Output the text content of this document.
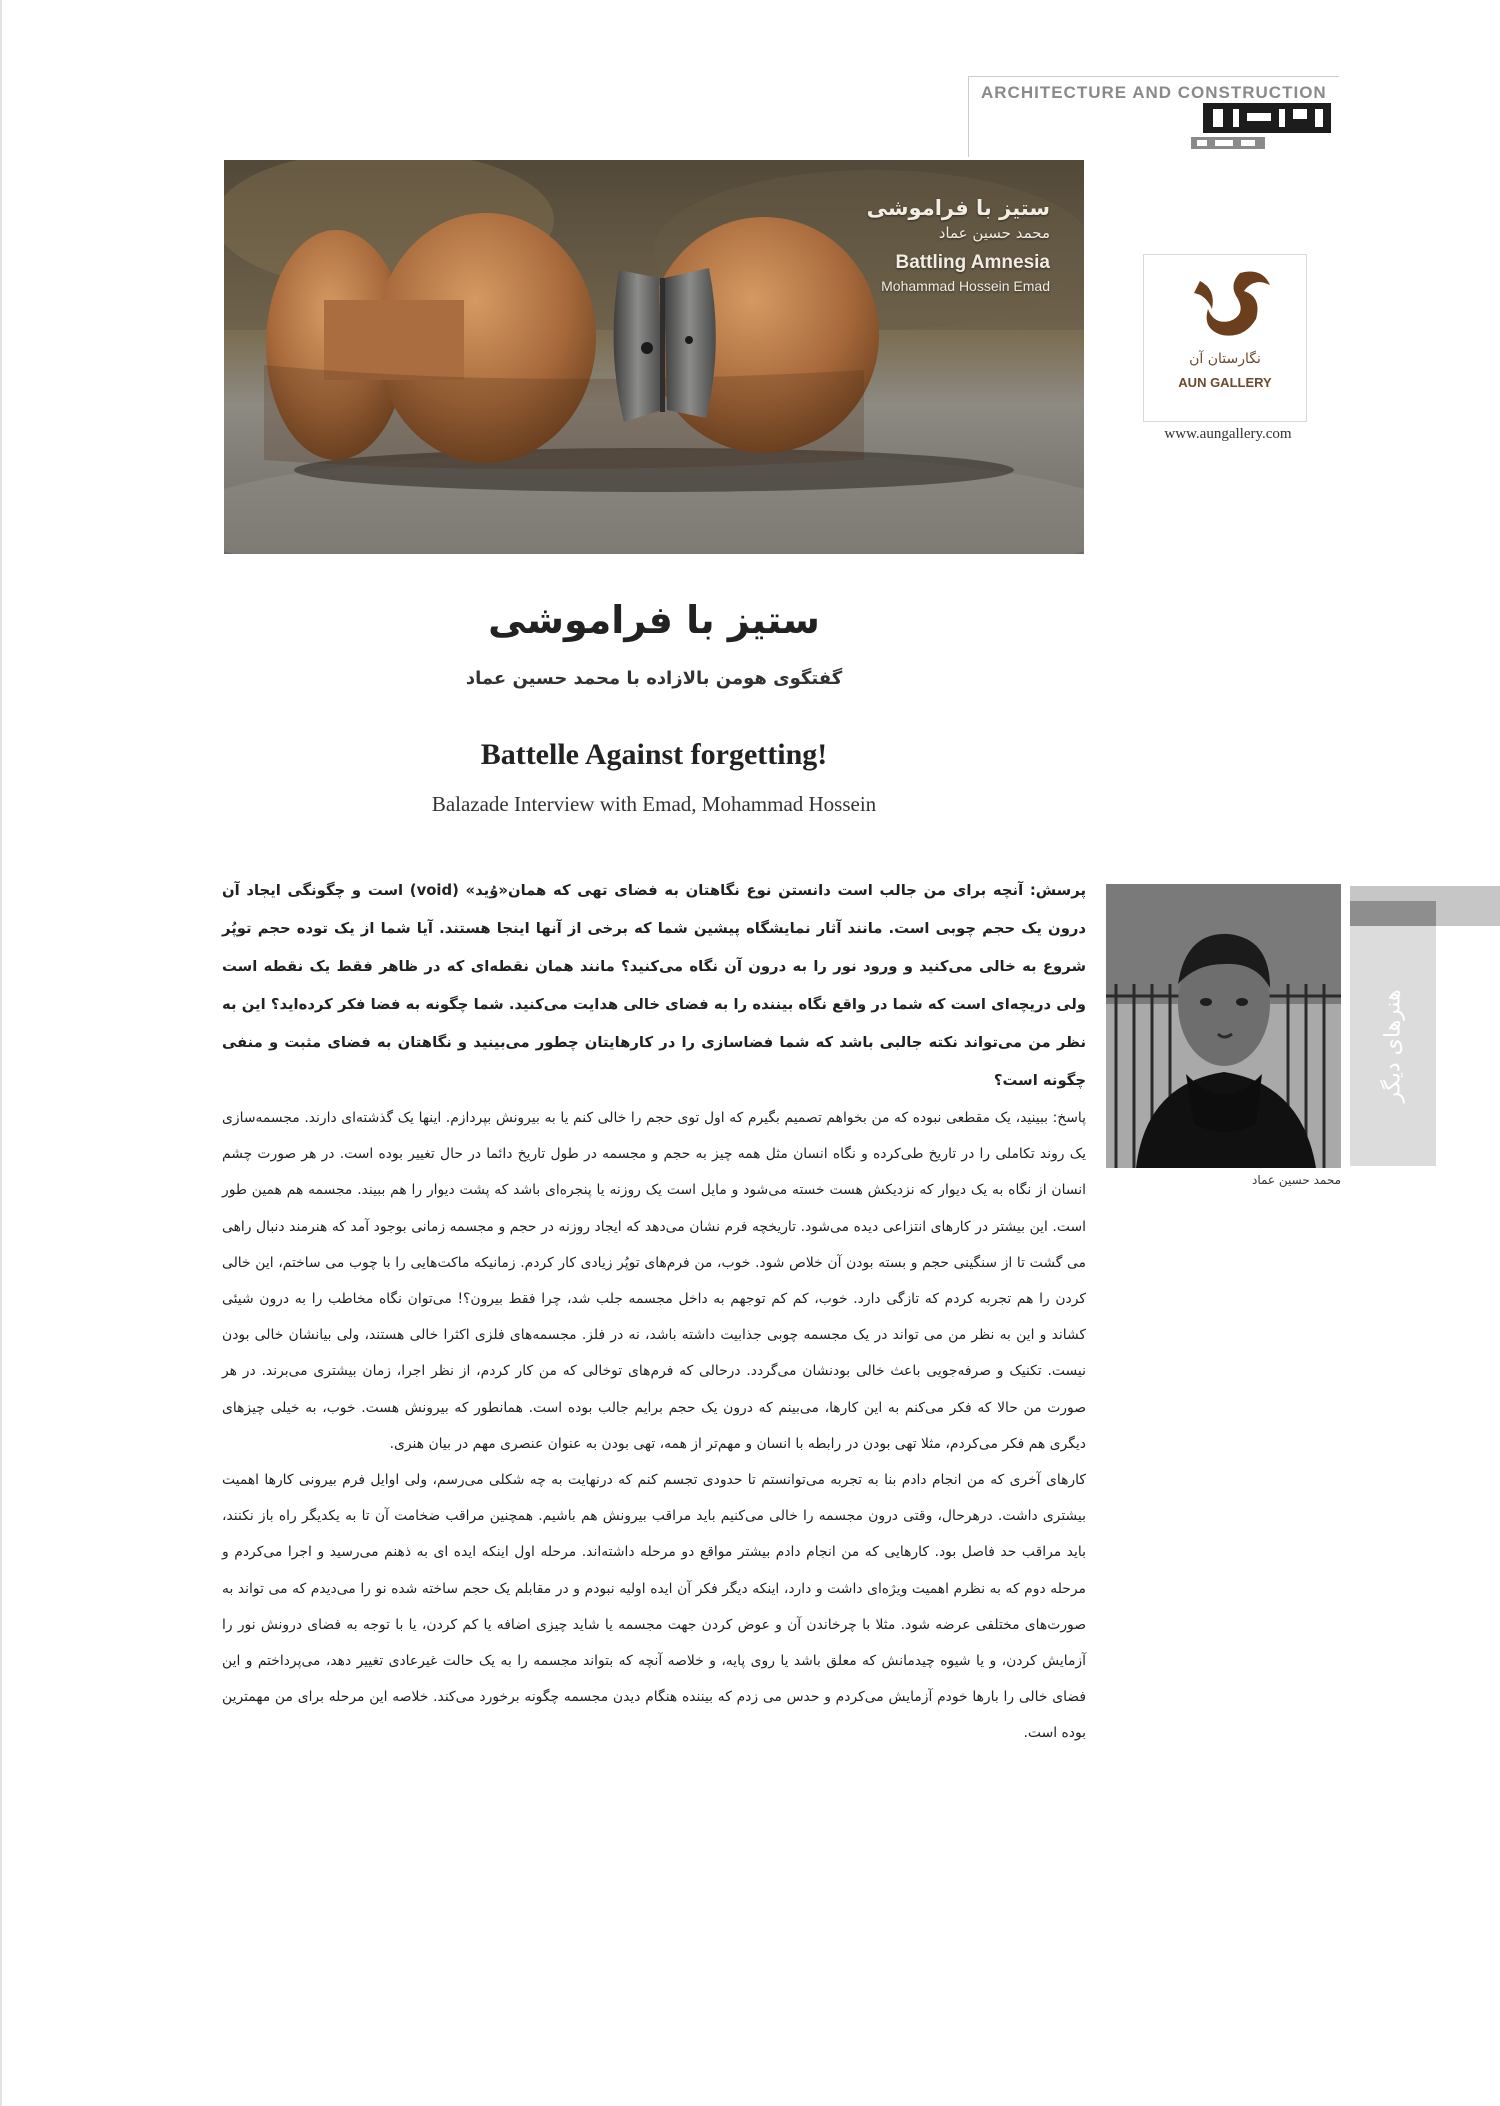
ARCHITECTURE AND CONSTRUCTION
ستیز با فراموشی
محمد حسین عماد
Battling Amnesia
Mohammad Hossein Emad
نگارستان آن
AUN GALLERY
www.aungallery.com
ستیز با فراموشی
گفتگوی هومن بالازاده با محمد حسین عماد
Battelle Against forgetting!
Balazade Interview with Emad, Mohammad Hossein

پرسش: آنچه برای من جالب است دانستن نوع نگاهتان به فضای تهی که همان«وُید» (void) است و چگونگی ایجاد آن درون یک حجم چوبی است. مانند آثار نمایشگاه پیشین شما که برخی از آنها اینجا هستند. آیا شما از یک توده حجم توپُر شروع به خالی می‌کنید و ورود نور را به درون آن نگاه می‌کنید؟ مانند همان نقطه‌ای که در ظاهر فقط یک نقطه است ولی دریچه‌ای است که شما در واقع نگاه بیننده را به فضای خالی هدایت می‌کنید. شما چگونه به فضا فکر کرده‌اید؟ این به نظر من می‌تواند نکته جالبی باشد که شما فضاسازی را در کارهایتان چطور می‌بینید و نگاهتان به فضای مثبت و منفی چگونه است؟

پاسخ: ببینید، یک مقطعی نبوده که من بخواهم تصمیم بگیرم که اول توی حجم را خالی کنم یا به بیرونش بپردازم. اینها یک گذشته‌ای دارند. مجسمه‌سازی یک روند تکاملی را در تاریخ طی‌کرده و نگاه انسان مثل همه چیز به حجم و مجسمه در طول تاریخ دائما در حال تغییر بوده است. در هر صورت چشم انسان از نگاه به یک دیوار که نزدیکش هست خسته می‌شود و مایل است یک روزنه یا پنجره‌ای باشد که پشت دیوار را هم ببیند. مجسمه هم همین طور است. این بیشتر در کارهای انتزاعی دیده می‌شود. تاریخچه فرم نشان می‌دهد که ایجاد روزنه در حجم و مجسمه زمانی بوجود آمد که هنرمند دنبال راهی می گشت تا از سنگینی حجم و بسته بودن آن خلاص شود. خوب، من فرم‌های توپُر زیادی کار کردم. زمانیکه ماکت‌هایی را با چوب می ساختم، این خالی کردن را هم تجربه کردم که تازگی دارد. خوب، کم کم توجهم به داخل مجسمه جلب شد، چرا فقط بیرون؟! می‌توان نگاه مخاطب را به درون شیئی کشاند و این به نظر من می تواند در یک مجسمه چوبی جذابیت داشته باشد، نه در فلز. مجسمه‌های فلزی اکثرا خالی هستند، ولی بیانشان خالی بودن نیست. تکنیک و صرفه‌جویی باعث خالی بودنشان می‌گردد. درحالی که فرم‌های توخالی که من کار کردم، از نظر اجرا، زمان بیشتری می‌برند. در هر صورت من حالا که فکر می‌کنم به این کارها، می‌بینم که درون یک حجم برایم جالب بوده است. همانطور که بیرونش هست. خوب، به خیلی چیزهای دیگری هم فکر می‌کردم، مثلا تهی بودن در رابطه با انسان و مهم‌تر از همه، تهی بودن به عنوان عنصری مهم در بیان هنری.

کارهای آخری که من انجام دادم بنا به تجربه می‌توانستم تا حدودی تجسم کنم که درنهایت به چه شکلی می‌رسم، ولی اوایل فرم بیرونی کارها اهمیت بیشتری داشت. درهرحال، وقتی درون مجسمه را خالی می‌کنیم باید مراقب بیرونش هم باشیم. همچنین مراقب ضخامت آن تا به یکدیگر راه باز نکنند، باید مراقب حد فاصل بود. کارهایی که من انجام دادم بیشتر مواقع دو مرحله داشته‌اند. مرحله اول اینکه ایده ای به ذهنم می‌رسید و اجرا می‌کردم و مرحله دوم که به نظرم اهمیت ویژه‌ای داشت و دارد، اینکه دیگر فکر آن ایده اولیه نبودم و در مقابلم یک حجم ساخته شده نو را می‌دیدم که می تواند به صورت‌های مختلفی عرضه شود. مثلا با چرخاندن آن و عوض کردن جهت مجسمه یا شاید چیزی اضافه یا کم کردن، یا با توجه به فضای درونش نور را آزمایش کردن، و یا شیوه چیدمانش که معلق باشد یا روی پایه، و خلاصه آنچه که بتواند مجسمه را به یک حالت غیرعادی تغییر دهد، می‌پرداختم و این فضای خالی را بارها خودم آزمایش می‌کردم و حدس می زدم که بیننده هنگام دیدن مجسمه چگونه برخورد می‌کند. خلاصه این مرحله برای من مهمترین بوده است.

محمد حسین عماد
هنرهای دیگر
